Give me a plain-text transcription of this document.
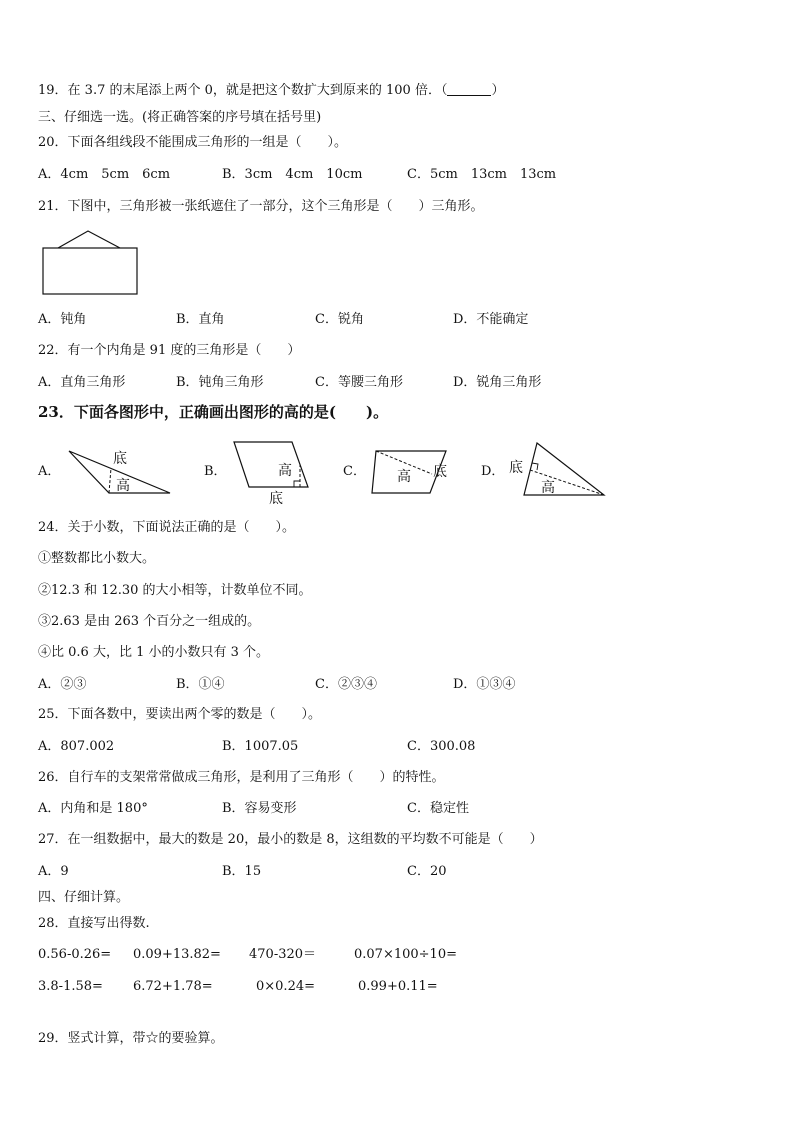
19．在 3.7 的末尾添上两个 0，就是把这个数扩大到原来的 100 倍．（	）
三、仔细选一选。(将正确答案的序号填在括号里)
20．下面各组线段不能围成三角形的一组是（　　）。
A．4cm　5cm　6cm	B．3cm　4cm　10cm	C．5cm　13cm　13cm
21．下图中，三角形被一张纸遮住了一部分，这个三角形是（　　）三角形。
A．钝角	B．直角	C．锐角	D．不能确定
22．有一个内角是 91 度的三角形是（　　）
A．直角三角形	B．钝角三角形	C．等腰三角形	D．锐角三角形
23．下面各图形中，正确画出图形的高的是(　　)。
A．
底
高
B．	高
底
C． 高 底	D． 底
高
24．关于小数，下面说法正确的是（　　）。
①整数都比小数大。
②12.3 和 12.30 的大小相等，计数单位不同。
③2.63 是由 263 个百分之一组成的。
④比 0.6 大，比 1 小的小数只有 3 个。
A．②③	B．①④	C．②③④	D．①③④
25．下面各数中，要读出两个零的数是（　　）。
A．807.002	B．1007.05	C．300.08
26．自行车的支架常常做成三角形，是利用了三角形（　　）的特性。
A．内角和是 180°	B．容易变形	C．稳定性
27．在一组数据中，最大的数是 20，最小的数是 8，这组数的平均数不可能是（　　）
A．9	B．15	C．20
四、仔细计算。
28．直接写出得数.
0.56-0.26= 0.09+13.82= 470-320＝	0.07×100÷10=
3.8-1.58= 6.72+1.78=	0×0.24=	0.99+0.11=
29．竖式计算，带☆的要验算。
